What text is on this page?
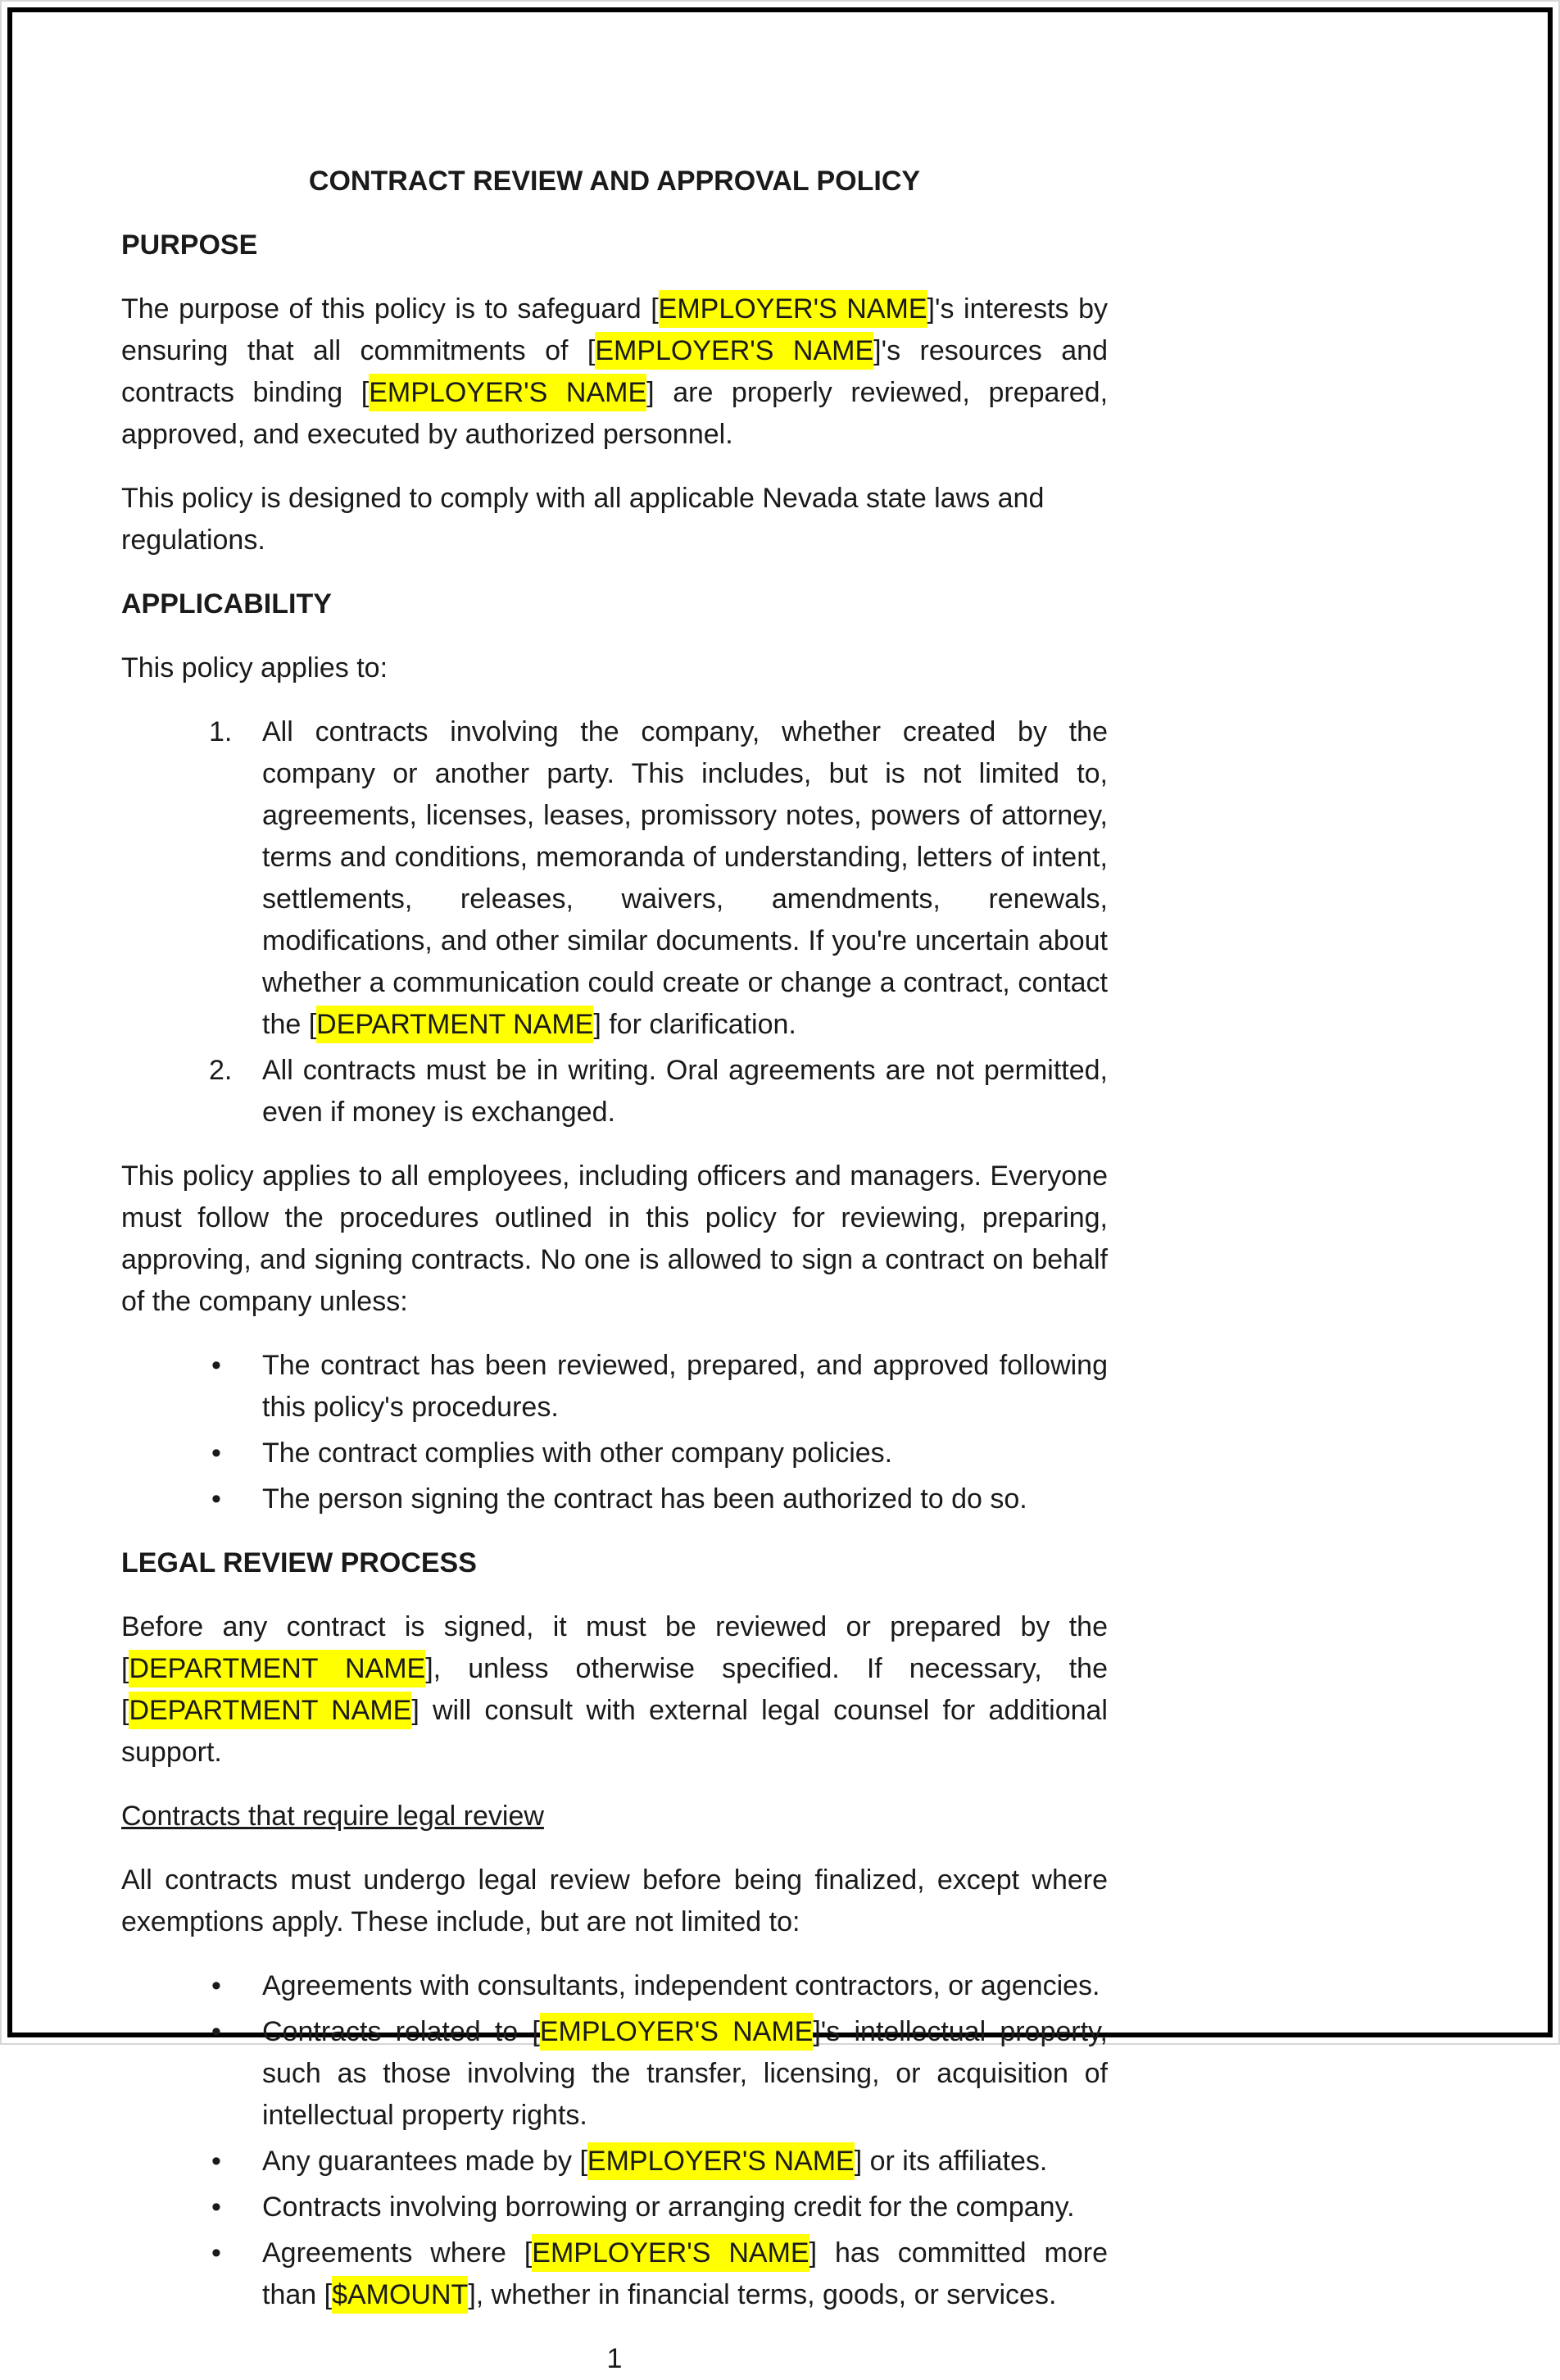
CONTRACT REVIEW AND APPROVAL POLICY
PURPOSE

The purpose of this policy is to safeguard [EMPLOYER'S NAME]'s interests by ensuring that all commitments of [EMPLOYER'S NAME]'s resources and contracts binding [EMPLOYER'S NAME] are properly reviewed, prepared, approved, and executed by authorized personnel.

This policy is designed to comply with all applicable Nevada state laws and regulations.

APPLICABILITY

This policy applies to:

All contracts involving the company, whether created by the company or another party. This includes, but is not limited to, agreements, licenses, leases, promissory notes, powers of attorney, terms and conditions, memoranda of understanding, letters of intent, settlements, releases, waivers, amendments, renewals, modifications, and other similar documents. If you're uncertain about whether a communication could create or change a contract, contact the [DEPARTMENT NAME] for clarification.
All contracts must be in writing. Oral agreements are not permitted, even if money is exchanged.

This policy applies to all employees, including officers and managers. Everyone must follow the procedures outlined in this policy for reviewing, preparing, approving, and signing contracts. No one is allowed to sign a contract on behalf of the company unless:

• The contract has been reviewed, prepared, and approved following this policy's procedures.
• The contract complies with other company policies.
• The person signing the contract has been authorized to do so.
LEGAL REVIEW PROCESS

Before any contract is signed, it must be reviewed or prepared by the [DEPARTMENT NAME], unless otherwise specified. If necessary, the [DEPARTMENT NAME] will consult with external legal counsel for additional support.

Contracts that require legal review

All contracts must undergo legal review before being finalized, except where exemptions apply. These include, but are not limited to:

• Agreements with consultants, independent contractors, or agencies.
• Contracts related to [EMPLOYER'S NAME]'s intellectual property, such as those involving the transfer, licensing, or acquisition of intellectual property rights.
• Any guarantees made by [EMPLOYER'S NAME] or its affiliates.
• Contracts involving borrowing or arranging credit for the company.
• Agreements where [EMPLOYER'S NAME] has committed more than [$AMOUNT], whether in financial terms, goods, or services.
1
